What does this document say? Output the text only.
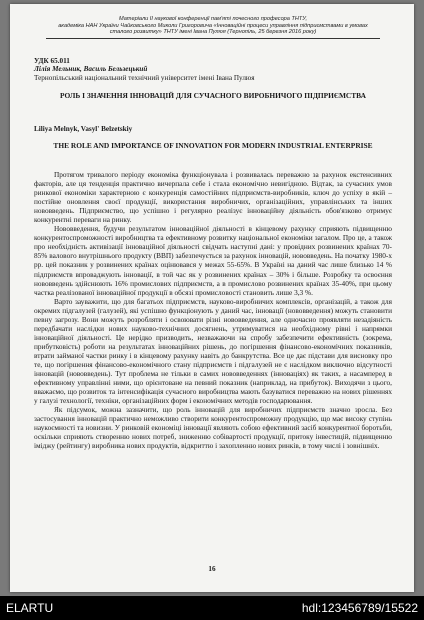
Матеріали ІІ наукової конференції пам'яті почесного професора ТНТУ,
академіка НАН України Чайковського Миколи Григоровича «Інноваційні процеси управління підприємствами в умовах
сталого розвитку» ТНТУ імені Івана Пулюя (Тернопіль, 25 березня 2016 року)
УДК 65.011
Лілія Мельник, Василь Бельзецький
Тернопільський національний технічний університет імені Івана Пулюя
РОЛЬ І ЗНАЧЕННЯ ІННОВАЦІЙ ДЛЯ СУЧАСНОГО ВИРОБНИЧОГО ПІДПРИЄМСТВА
Liliya Melnyk, Vasyl' Belzetskiy
THE ROLE AND IMPORTANCE OF INNOVATION FOR MODERN INDUSTRIAL ENTERPRISE

Протягом тривалого періоду економіка функціонувала і розвивалась переважно за рахунок екстенсивних факторів, але ця тенденція практично вичерпала себе і стала економічно невигідною. Відтак, за сучасних умов ринкової економіки характерною є конкуренція самостійних підприємств-виробників, ключ до успіху в якій – постійне оновлення своєї продукції, використання виробничих, організаційних, управлінських та інших нововведень. Підприємство, що успішно і регулярно реалізує інноваційну діяльність обов'язково отримує конкурентні переваги на ринку.

Нововведення, будучи результатом інноваційної діяльності в кінцевому рахунку сприяють підвищенню конкурентоспроможності виробництва та ефективному розвитку національної економіки загалом. Про це, а також про необхідність активізації інноваційної діяльності свідчать наступні дані: у провідних розвинених країнах 70-85% валового внутрішнього продукту (ВВП) забезпечується за рахунок інновацій, нововведень. На початку 1980-х рр. цей показник у розвинених країнах оцінювався у межах 55-65%. В Україні на даний час лише близько 14 % підприємств впроваджують інновації, в той час як у розвинених країнах – 30% і більше. Розробку та освоєння нововведень здійснюють 16% промислових підприємств, а в промислово розвинених країнах 35-40%, при цьому частка реалізованої інноваційної продукції в обсязі промисловості становить лише 3,3 %.

Варто зауважити, що для багатьох підприємств, науково-виробничих комплексів, організацій, а також для окремих підгалузей (галузей), які успішно функціонують у даний час, інновації (нововведення) можуть становити певну загрозу. Вони можуть розробляти і освоювати різні нововведення, але одночасно проявляти незадіяність передбачати наслідки нових науково-технічних досягнень, утримуватися на необхідному рівні і напрямки інноваційної діяльності. Це нерідко призводить, незважаючи на спробу забезпечити ефективність (зокрема, прибутковість) роботи на результатах інноваційних рішень, до погіршення фінансово-економічних показників, втрати займаної частки ринку і в кінцевому рахунку навіть до банкрутства. Все це дає підстави для висновку про те, що погіршення фінансово-економічного стану підприємств і підгалузей не є наслідком виключно відсутності інновацій (нововведень). Тут проблема не тільки в самих нововведеннях (інноваціях) як таких, а насамперед в ефективному управлінні ними, що орієнтоване на певний показник (наприклад, на прибуток). Виходячи з цього, вважаємо, що розвиток та інтенсифікація сучасного виробництва мають базуватися переважно на нових рішеннях у галузі технології, техніки, організаційних форм і економічних методів господарювання.

Як підсумок, можна зазначити, що роль інновацій для виробничих підприємств значно зросла. Без застосування інновацій практично неможливо створити конкурентоспроможну продукцію, що має високу ступінь наукоємності та новизни. У ринковій економіці інновації являють собою ефективний засіб конкурентної боротьби, оскільки сприяють створенню нових потреб, зниженню собівартості продукції, притоку інвестицій, підвищенню іміджу (рейтингу) виробника нових продуктів, відкриттю і захопленню нових ринків, в тому числі і зовнішніх.

16
ELARTU	hdl:123456789/15522
